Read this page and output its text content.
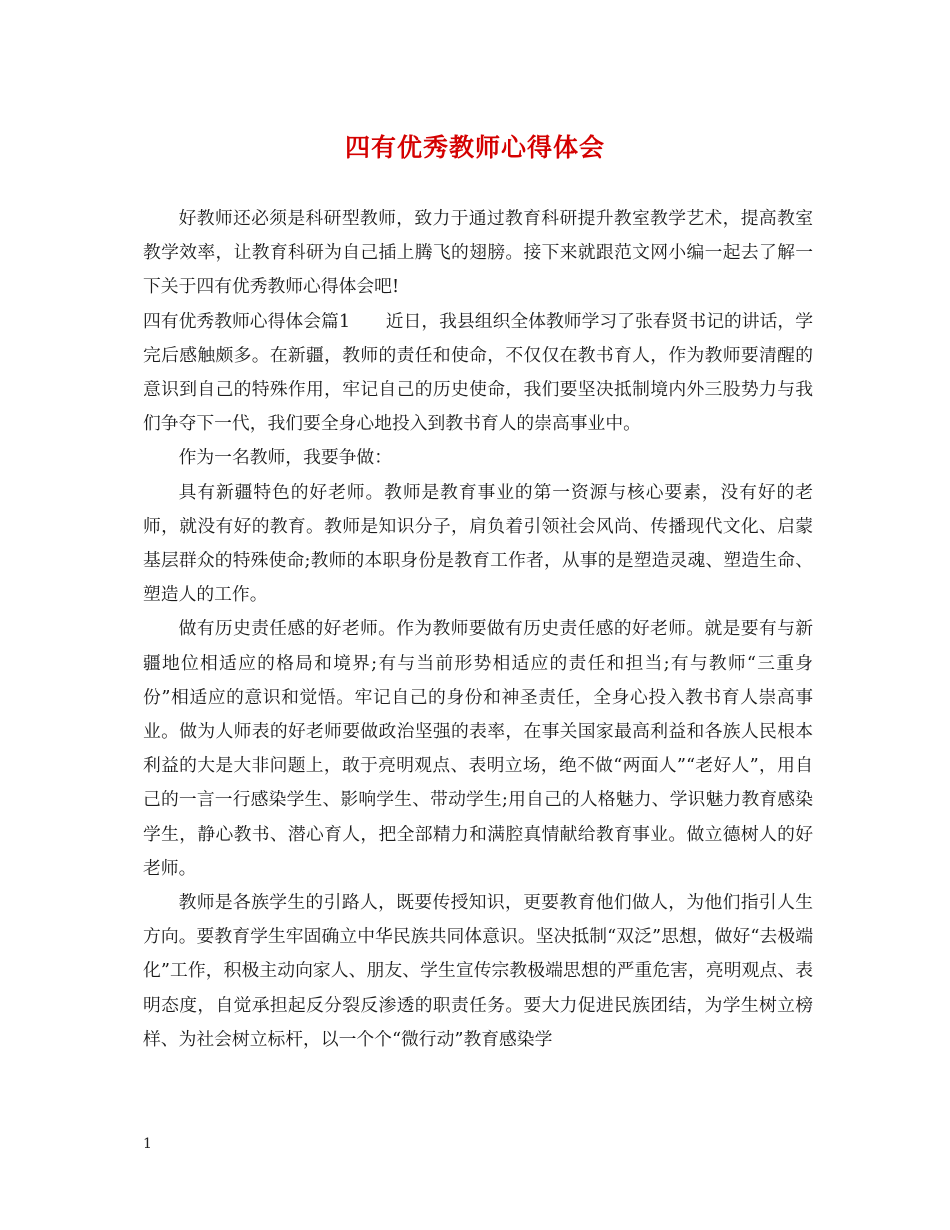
四有优秀教师心得体会

好教师还必须是科研型教师，致力于通过教育科研提升教室教学艺术，提高教室教学效率，让教育科研为自己插上腾飞的翅膀。接下来就跟范文网小编一起去了解一下关于四有优秀教师心得体会吧!

四有优秀教师心得体会篇1　　近日，我县组织全体教师学习了张春贤书记的讲话，学完后感触颇多。在新疆，教师的责任和使命，不仅仅在教书育人，作为教师要清醒的意识到自己的特殊作用，牢记自己的历史使命，我们要坚决抵制境内外三股势力与我们争夺下一代，我们要全身心地投入到教书育人的崇高事业中。

作为一名教师，我要争做：

具有新疆特色的好老师。教师是教育事业的第一资源与核心要素，没有好的老师，就没有好的教育。教师是知识分子，肩负着引领社会风尚、传播现代文化、启蒙基层群众的特殊使命;教师的本职身份是教育工作者，从事的是塑造灵魂、塑造生命、塑造人的工作。

做有历史责任感的好老师。作为教师要做有历史责任感的好老师。就是要有与新疆地位相适应的格局和境界;有与当前形势相适应的责任和担当;有与教师“三重身份”相适应的意识和觉悟。牢记自己的身份和神圣责任，全身心投入教书育人崇高事业。做为人师表的好老师要做政治坚强的表率，在事关国家最高利益和各族人民根本利益的大是大非问题上，敢于亮明观点、表明立场，绝不做“两面人”“老好人”，用自己的一言一行感染学生、影响学生、带动学生;用自己的人格魅力、学识魅力教育感染学生，静心教书、潜心育人，把全部精力和满腔真情献给教育事业。做立德树人的好老师。

教师是各族学生的引路人，既要传授知识，更要教育他们做人，为他们指引人生方向。要教育学生牢固确立中华民族共同体意识。坚决抵制“双泛”思想，做好“去极端化”工作，积极主动向家人、朋友、学生宣传宗教极端思想的严重危害，亮明观点、表明态度，自觉承担起反分裂反渗透的职责任务。要大力促进民族团结，为学生树立榜样、为社会树立标杆，以一个个“微行动”教育感染学

1
